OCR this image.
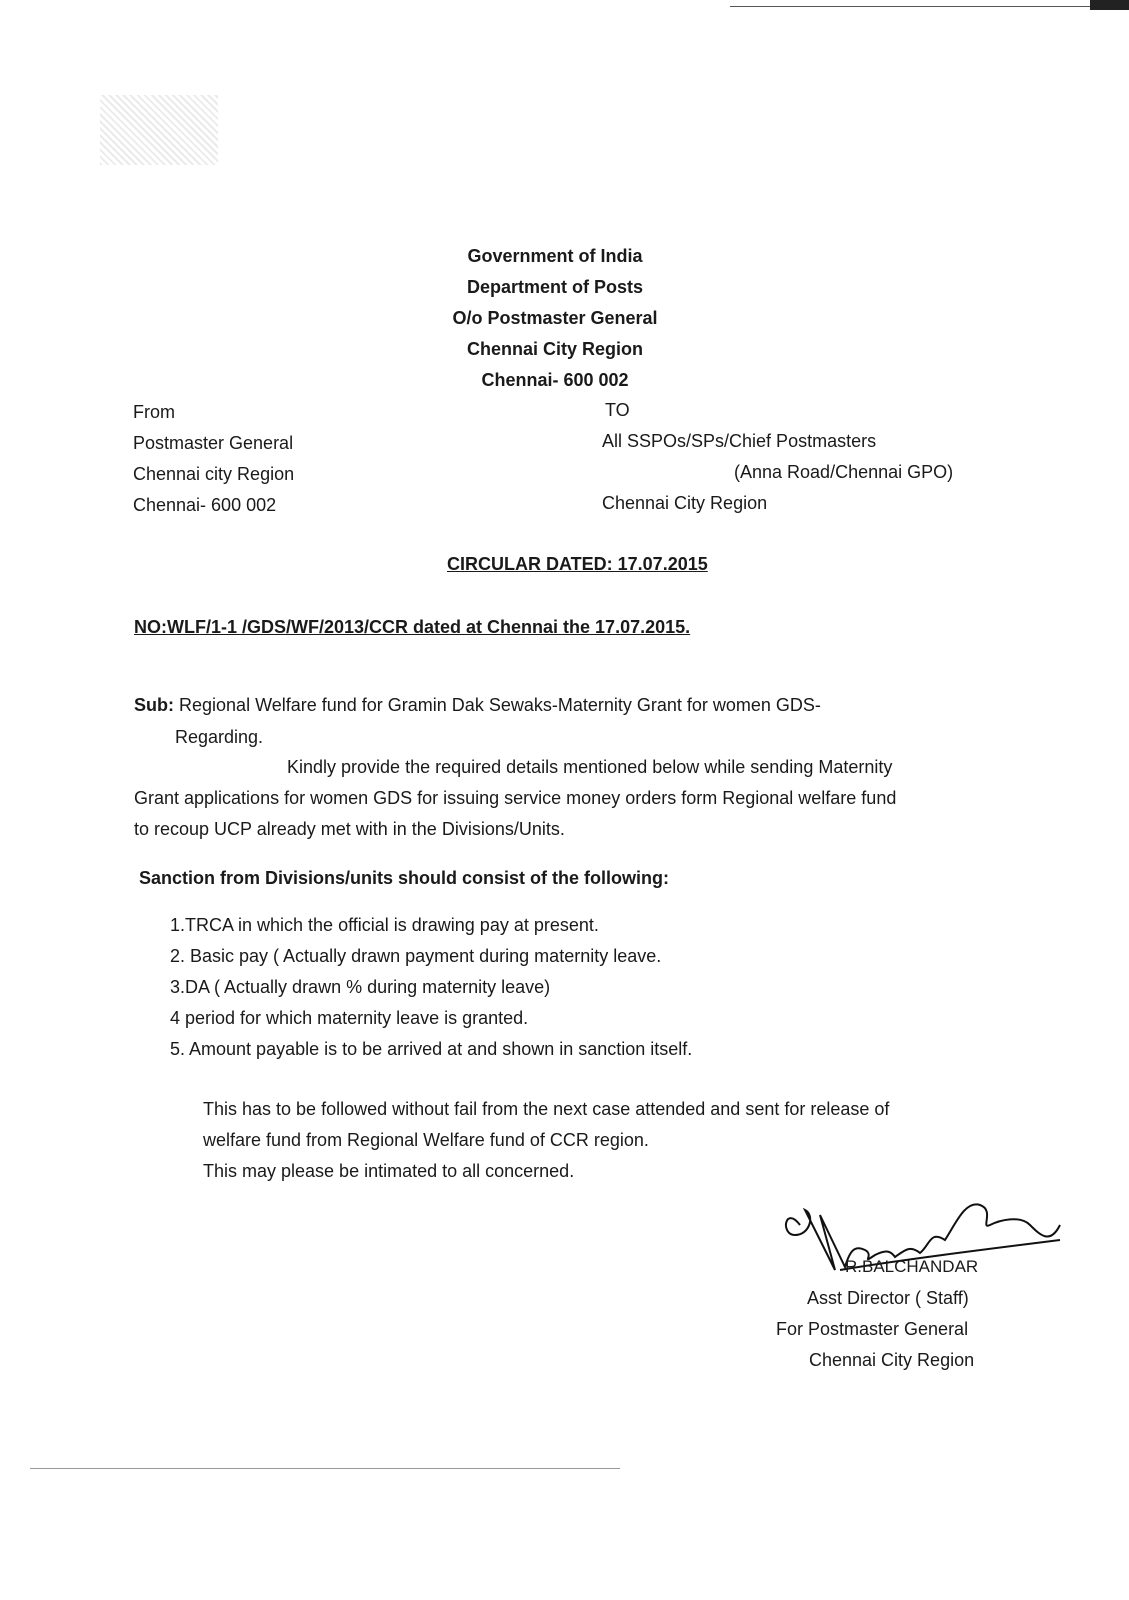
Government of India
Department of Posts
O/o Postmaster General
Chennai City Region
Chennai- 600 002
From
Postmaster General
Chennai city Region
Chennai- 600 002
TO
All SSPOs/SPs/Chief Postmasters
(Anna Road/Chennai GPO)
Chennai City Region
CIRCULAR DATED: 17.07.2015
NO:WLF/1-1 /GDS/WF/2013/CCR dated at Chennai the 17.07.2015.
Sub: Regional Welfare fund for Gramin Dak Sewaks-Maternity Grant for women GDS-
Regarding.
Kindly provide the required details mentioned below while sending Maternity
Grant applications for women GDS for issuing service money orders form Regional welfare fund
to recoup UCP already met with in the Divisions/Units.
Sanction from Divisions/units should consist of the following:
1.TRCA in which the official is drawing pay at present.
2. Basic pay ( Actually drawn payment during maternity leave.
3.DA ( Actually drawn % during maternity leave)
4 period for which maternity leave is granted.
5. Amount payable is to be arrived at and shown in sanction itself.
This has to be followed without fail from the next case attended and sent for release of
welfare fund from Regional Welfare fund of CCR region.
This may please be intimated to all concerned.
R.BALCHANDAR
Asst Director ( Staff)
For Postmaster General
Chennai City Region
